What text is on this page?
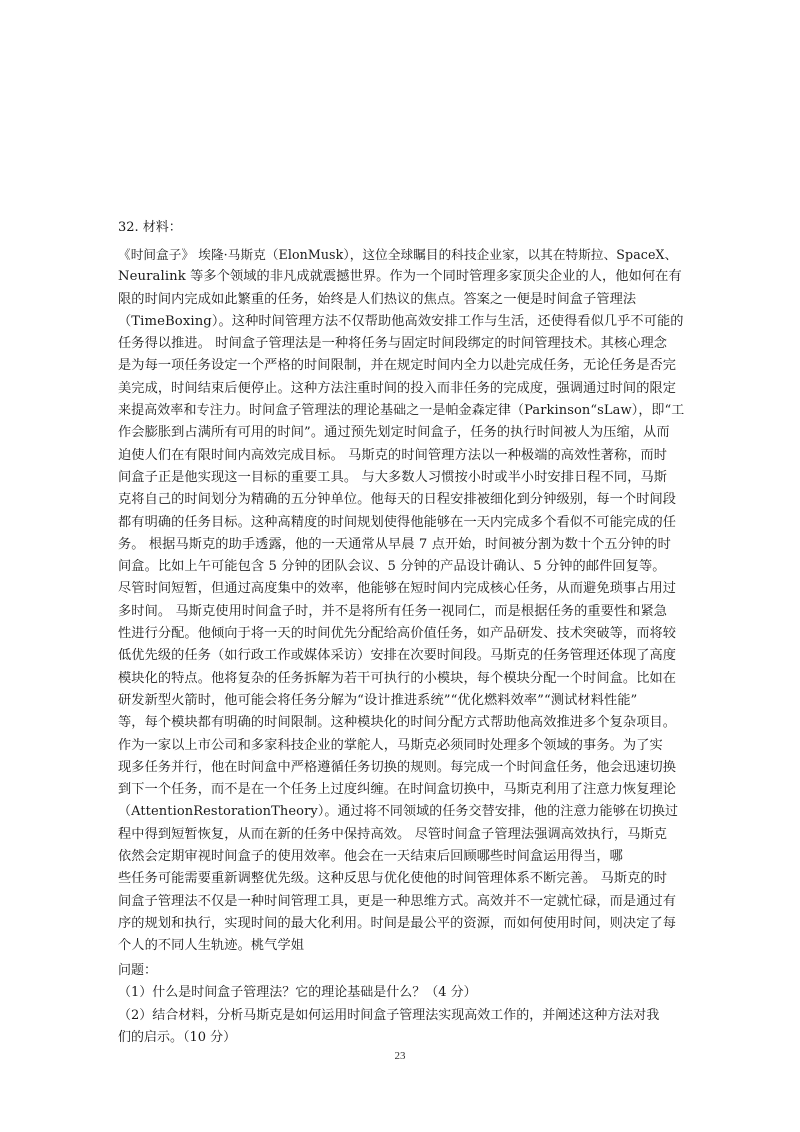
32. 材料：
《时间盒子》 埃隆·马斯克（ElonMusk），这位全球瞩目的科技企业家，以其在特斯拉、SpaceX、
Neuralink 等多个领域的非凡成就震撼世界。作为一个同时管理多家顶尖企业的人，他如何在有
限的时间内完成如此繁重的任务，始终是人们热议的焦点。答案之一便是时间盒子管理法
（TimeBoxing）。这种时间管理方法不仅帮助他高效安排工作与生活，还使得看似几乎不可能的
任务得以推进。 时间盒子管理法是一种将任务与固定时间段绑定的时间管理技术。其核心理念
是为每一项任务设定一个严格的时间限制，并在规定时间内全力以赴完成任务，无论任务是否完
美完成，时间结束后便停止。这种方法注重时间的投入而非任务的完成度，强调通过时间的限定
来提高效率和专注力。时间盒子管理法的理论基础之一是帕金森定律（Parkinson“sLaw），即“工
作会膨胀到占满所有可用的时间”。通过预先划定时间盒子，任务的执行时间被人为压缩，从而
迫使人们在有限时间内高效完成目标。 马斯克的时间管理方法以一种极端的高效性著称，而时
间盒子正是他实现这一目标的重要工具。 与大多数人习惯按小时或半小时安排日程不同，马斯
克将自己的时间划分为精确的五分钟单位。他每天的日程安排被细化到分钟级别，每一个时间段
都有明确的任务目标。这种高精度的时间规划使得他能够在一天内完成多个看似不可能完成的任
务。 根据马斯克的助手透露，他的一天通常从早晨 7 点开始，时间被分割为数十个五分钟的时
间盒。比如上午可能包含 5 分钟的团队会议、5 分钟的产品设计确认、5 分钟的邮件回复等。
尽管时间短暂，但通过高度集中的效率，他能够在短时间内完成核心任务，从而避免琐事占用过
多时间。 马斯克使用时间盒子时，并不是将所有任务一视同仁，而是根据任务的重要性和紧急
性进行分配。他倾向于将一天的时间优先分配给高价值任务，如产品研发、技术突破等，而将较
低优先级的任务（如行政工作或媒体采访）安排在次要时间段。马斯克的任务管理还体现了高度
模块化的特点。他将复杂的任务拆解为若干可执行的小模块，每个模块分配一个时间盒。比如在
研发新型火箭时，他可能会将任务分解为“设计推进系统”“优化燃料效率”“测试材料性能”
等，每个模块都有明确的时间限制。这种模块化的时间分配方式帮助他高效推进多个复杂项目。
作为一家以上市公司和多家科技企业的掌舵人，马斯克必须同时处理多个领域的事务。为了实
现多任务并行，他在时间盒中严格遵循任务切换的规则。每完成一个时间盒任务，他会迅速切换
到下一个任务，而不是在一个任务上过度纠缠。在时间盒切换中，马斯克利用了注意力恢复理论
（AttentionRestorationTheory）。通过将不同领域的任务交替安排，他的注意力能够在切换过
程中得到短暂恢复，从而在新的任务中保持高效。 尽管时间盒子管理法强调高效执行，马斯克
依然会定期审视时间盒子的使用效率。他会在一天结束后回顾哪些时间盒运用得当，哪
些任务可能需要重新调整优先级。这种反思与优化使他的时间管理体系不断完善。 马斯克的时
间盒子管理法不仅是一种时间管理工具，更是一种思维方式。高效并不一定就忙碌，而是通过有
序的规划和执行，实现时间的最大化利用。时间是最公平的资源，而如何使用时间，则决定了每
个人的不同人生轨迹。桃气学姐
问题：
（1）什么是时间盒子管理法？它的理论基础是什么？（4 分）
（2）结合材料，分析马斯克是如何运用时间盒子管理法实现高效工作的，并阐述这种方法对我
们的启示。（10 分）
23
